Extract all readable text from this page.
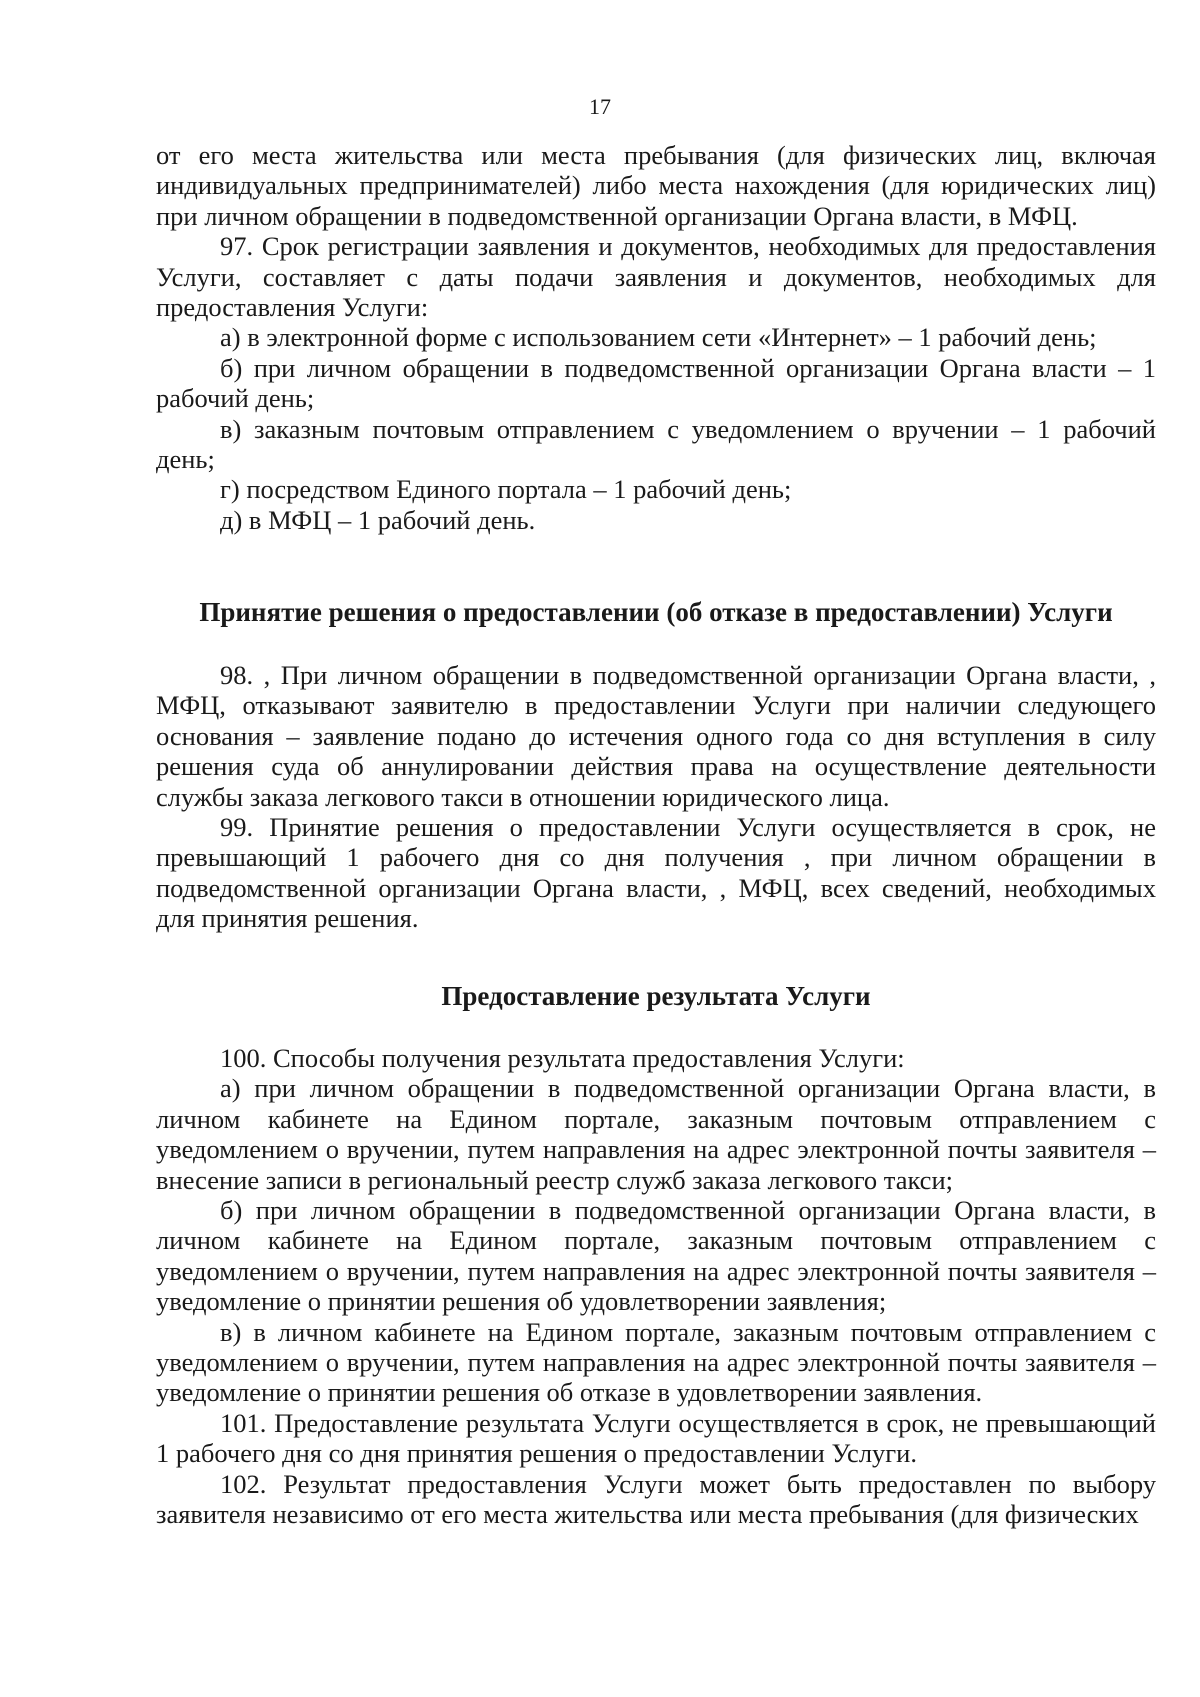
17

от его места жительства или места пребывания (для физических лиц, включая индивидуальных предпринимателей) либо места нахождения (для юридических лиц) при личном обращении в подведомственной организации Органа власти, в МФЦ.

97. Срок регистрации заявления и документов, необходимых для предоставления Услуги, составляет с даты подачи заявления и документов, необходимых для предоставления Услуги:

а) в электронной форме с использованием сети «Интернет» – 1 рабочий день;

б) при личном обращении в подведомственной организации Органа власти – 1 рабочий день;

в) заказным почтовым отправлением с уведомлением о вручении – 1 рабочий день;

г) посредством Единого портала – 1 рабочий день;

д) в МФЦ – 1 рабочий день.

Принятие решения о предоставлении (об отказе в предоставлении) Услуги

98. , При личном обращении в подведомственной организации Органа власти, , МФЦ, отказывают заявителю в предоставлении Услуги при наличии следующего основания – заявление подано до истечения одного года со дня вступления в силу решения суда об аннулировании действия права на осуществление деятельности службы заказа легкового такси в отношении юридического лица.

99. Принятие решения о предоставлении Услуги осуществляется в срок, не превышающий 1 рабочего дня со дня получения , при личном обращении в подведомственной организации Органа власти, , МФЦ, всех сведений, необходимых для принятия решения.

Предоставление результата Услуги

100. Способы получения результата предоставления Услуги:

а) при личном обращении в подведомственной организации Органа власти, в личном кабинете на Едином портале, заказным почтовым отправлением с уведомлением о вручении, путем направления на адрес электронной почты заявителя – внесение записи в региональный реестр служб заказа легкового такси;

б) при личном обращении в подведомственной организации Органа власти, в личном кабинете на Едином портале, заказным почтовым отправлением с уведомлением о вручении, путем направления на адрес электронной почты заявителя – уведомление о принятии решения об удовлетворении заявления;

в) в личном кабинете на Едином портале, заказным почтовым отправлением с уведомлением о вручении, путем направления на адрес электронной почты заявителя – уведомление о принятии решения об отказе в удовлетворении заявления.

101. Предоставление результата Услуги осуществляется в срок, не превышающий 1 рабочего дня со дня принятия решения о предоставлении Услуги.

102. Результат предоставления Услуги может быть предоставлен по выбору заявителя независимо от его места жительства или места пребывания (для физических
